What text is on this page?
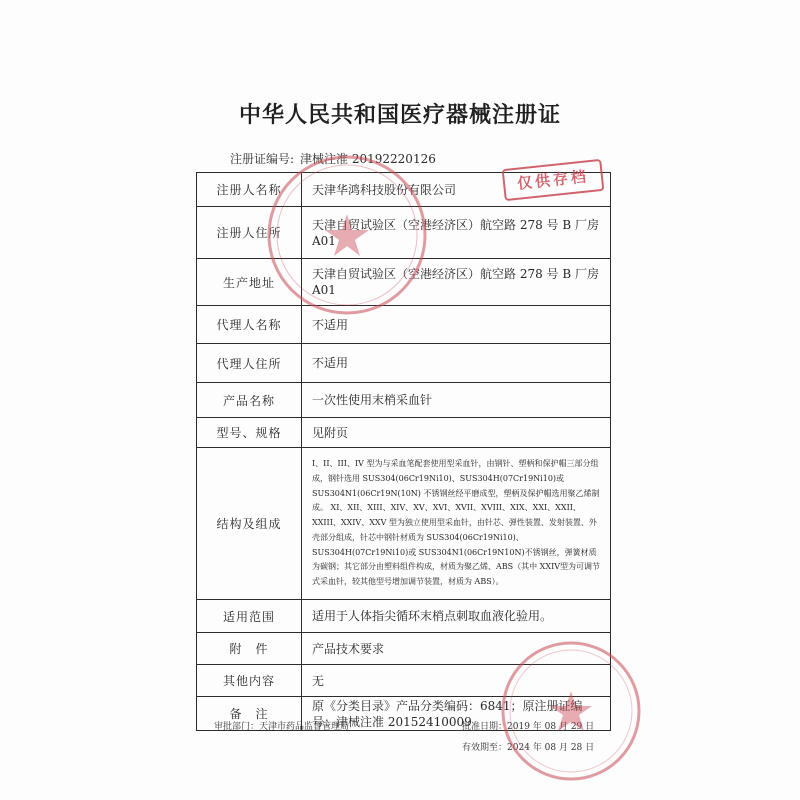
中华人民共和国医疗器械注册证
注册证编号: 津械注准 20192220126
注册人名称	天津华鸿科技股份有限公司
注册人住所	天津自贸试验区（空港经济区）航空路 278 号 B 厂房 A01
生产地址	天津自贸试验区（空港经济区）航空路 278 号 B 厂房 A01
代理人名称	不适用
代理人住所	不适用
产品名称	一次性使用末梢采血针
型号、规格	见附页
结构及组成	I、II、III、IV 型为与采血笔配套使用型采血针，由钢针、塑柄和保护帽三部分组成，钢针选用 SUS304(06Cr19Ni10)、SUS304H(07Cr19Ni10)或 SUS304N1(06Cr19N(10N) 不锈钢丝经平磨成型，塑柄及保护帽选用聚乙烯制成。 XI、XII、XIII、XIV、XV、XVI、XVII、XVIII、XIX、XXI、XXII、XXIII、XXIV、XXV 型为独立使用型采血针，由针芯、弹性装置、发射装置、外壳部分组成，针芯中钢针材质为 SUS304(06Cr19Ni10)、SUS304H(07Cr19Ni10)或 SUS304N1(06Cr19N10N)不锈钢丝，弹簧材质为碳钢；其它部分由塑料组件构成，材质为聚乙烯、ABS（其中 XXIV型为可调节式采血针，较其他型号增加调节装置，材质为 ABS）。
适用范围	适用于人体指尖循环末梢点刺取血液化验用。
附　件	产品技术要求
其他内容	无
备　注	原《分类目录》产品分类编码：6841；原注册证编号：津械注准 20152410009
审批部门：天津市药品监督管理局	批准日期：2019 年 08 月 29 日
有效期至：2024 年 08 月 28 日
仅供存档
